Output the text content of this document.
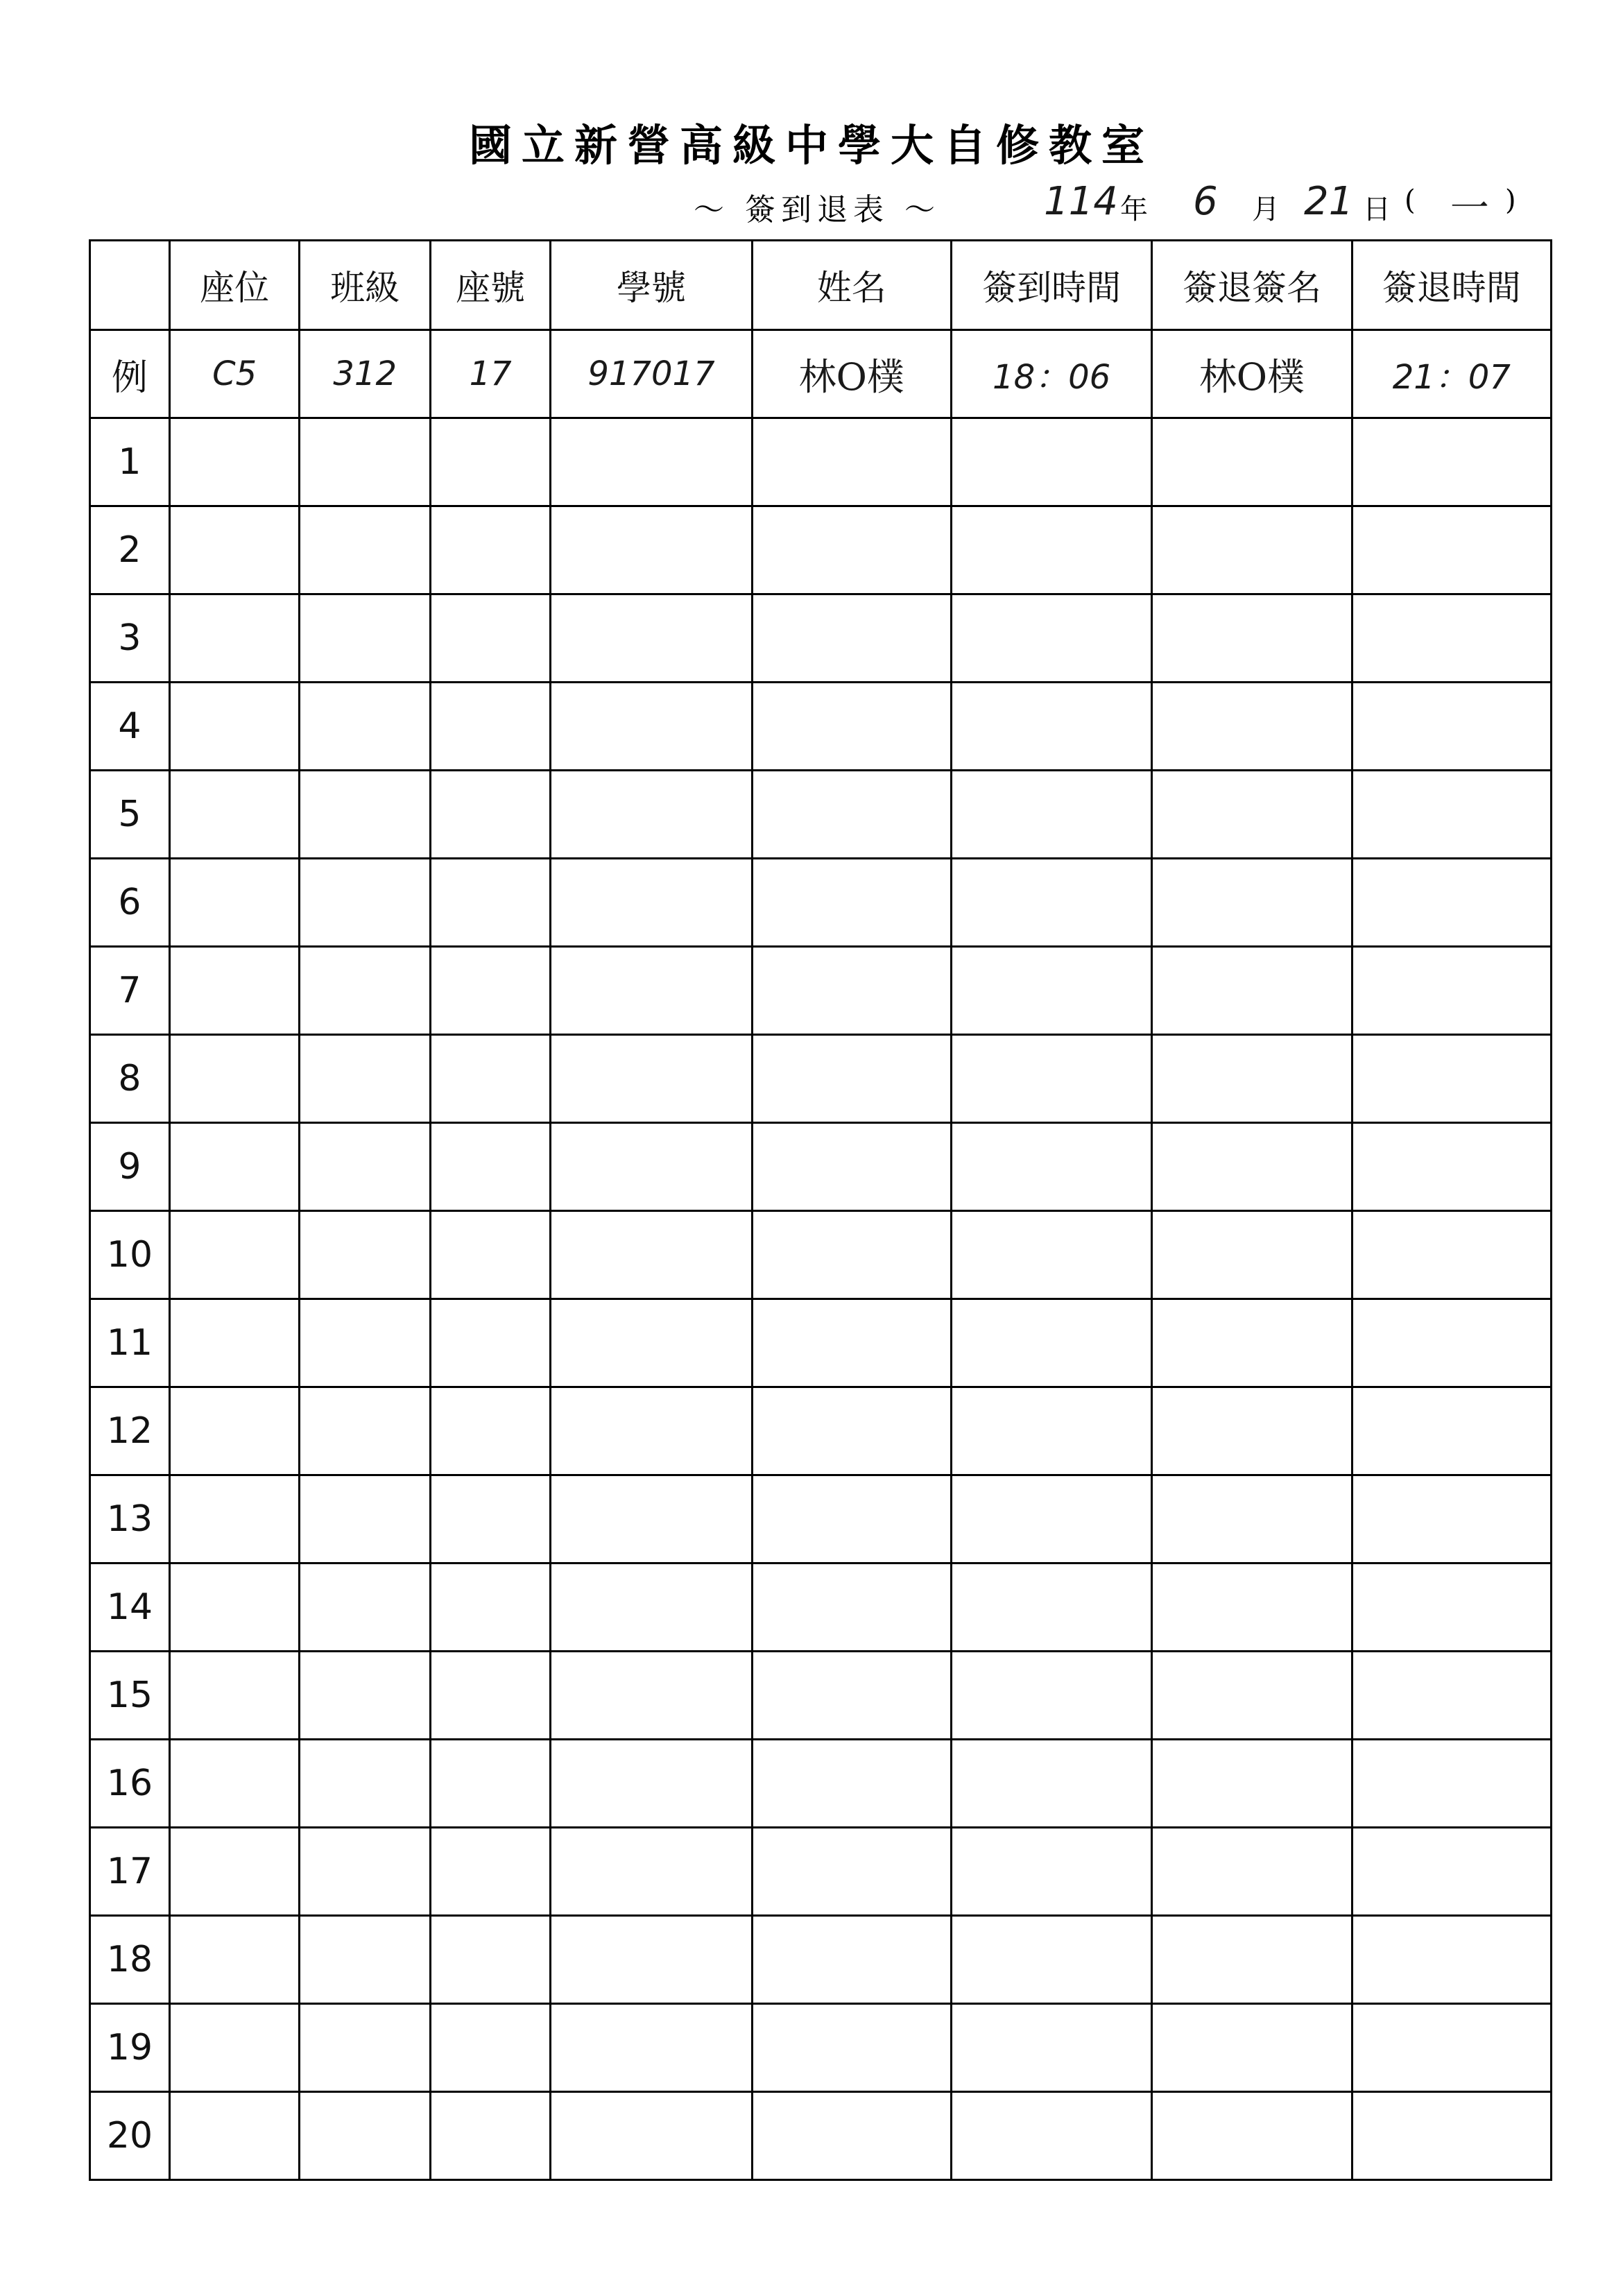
國立新營高級中學大自修教室
～ 簽到退表 ～	114 年 6 月 21 日 ( 一 )
	座位	班級	座號	學號	姓名	簽到時間	簽退簽名	簽退時間
例	C5	312	17	917017	林O樸	18：06	林O樸	21：07
1								
2								
3								
4								
5								
6								
7								
8								
9								
10								
11								
12								
13								
14								
15								
16								
17								
18								
19								
20								
